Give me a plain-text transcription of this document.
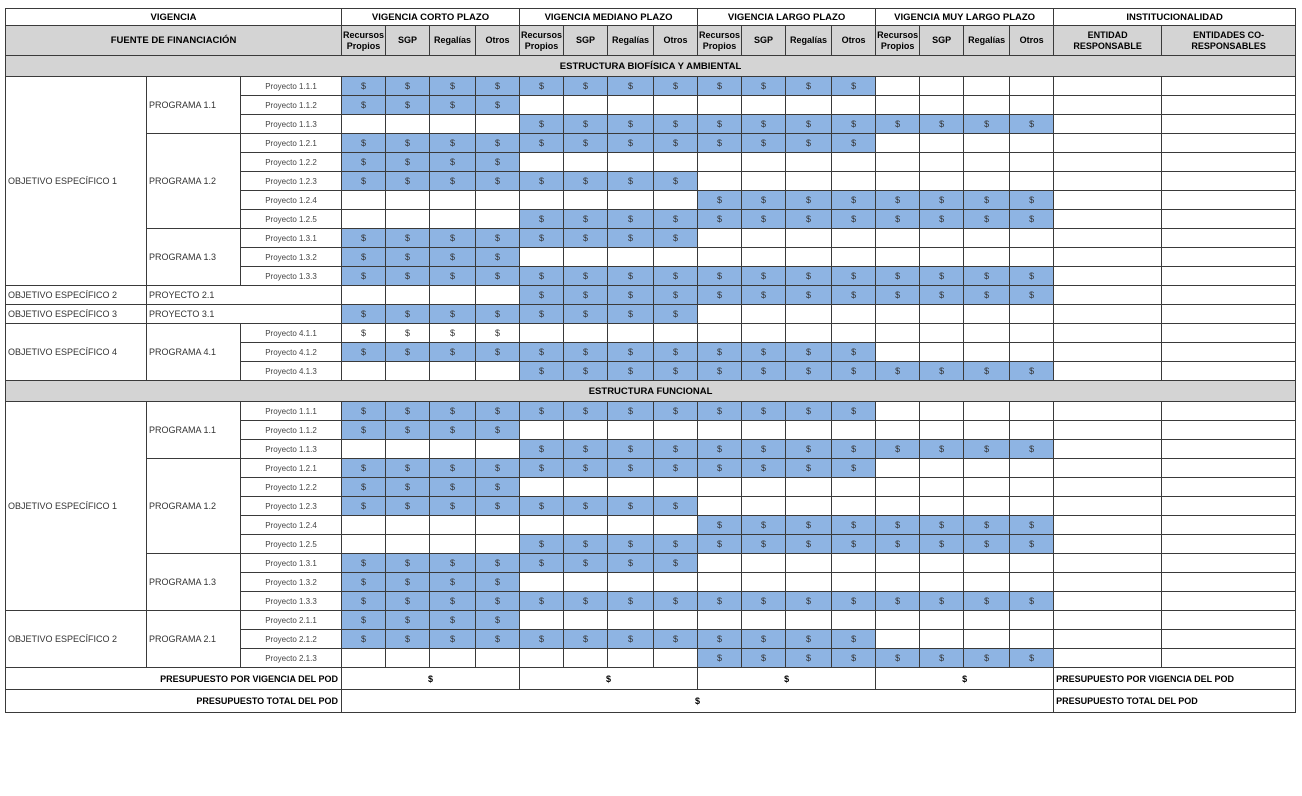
VIGENCIA			VIGENCIA CORTO PLAZO				VIGENCIA MEDIANO PLAZO				VIGENCIA LARGO PLAZO				VIGENCIA MUY LARGO PLAZO				INSTITUCIONALIDAD	
FUENTE DE FINANCIACIÓN			Recursos Propios	SGP	Regalías	Otros	Recursos Propios	SGP	Regalías	Otros	Recursos Propios	SGP	Regalías	Otros	Recursos Propios	SGP	Regalías	Otros	ENTIDAD RESPONSABLE	ENTIDADES CO-RESPONSABLES
ESTRUCTURA BIOFÍSICA Y AMBIENTAL																				
OBJETIVO ESPECÍFICO 1	PROGRAMA 1.1	Proyecto 1.1.1	$	$	$	$	$	$	$	$	$	$	$	$						
		Proyecto 1.1.2	$	$	$	$														
		Proyecto 1.1.3					$	$	$	$	$	$	$	$	$	$	$	$		
	PROGRAMA 1.2	Proyecto 1.2.1	$	$	$	$	$	$	$	$	$	$	$	$						
		Proyecto 1.2.2	$	$	$	$														
		Proyecto 1.2.3	$	$	$	$	$	$	$	$										
		Proyecto 1.2.4									$	$	$	$	$	$	$	$		
		Proyecto 1.2.5					$	$	$	$	$	$	$	$	$	$	$	$		
	PROGRAMA 1.3	Proyecto 1.3.1	$	$	$	$	$	$	$	$										
		Proyecto 1.3.2	$	$	$	$														
		Proyecto 1.3.3	$	$	$	$	$	$	$	$	$	$	$	$	$	$	$	$		
OBJETIVO ESPECÍFICO 2	PROYECTO 2.1						$	$	$	$	$	$	$	$	$	$	$	$		
OBJETIVO ESPECÍFICO 3	PROYECTO 3.1		$	$	$	$	$	$	$	$										
OBJETIVO ESPECÍFICO 4	PROGRAMA 4.1	Proyecto 4.1.1	$	$	$	$														
		Proyecto 4.1.2	$	$	$	$	$	$	$	$	$	$	$	$						
		Proyecto 4.1.3					$	$	$	$	$	$	$	$	$	$	$	$		
ESTRUCTURA FUNCIONAL																				
OBJETIVO ESPECÍFICO 1	PROGRAMA 1.1	Proyecto 1.1.1	$	$	$	$	$	$	$	$	$	$	$	$						
		Proyecto 1.1.2	$	$	$	$														
		Proyecto 1.1.3					$	$	$	$	$	$	$	$	$	$	$	$		
	PROGRAMA 1.2	Proyecto 1.2.1	$	$	$	$	$	$	$	$	$	$	$	$						
		Proyecto 1.2.2	$	$	$	$														
		Proyecto 1.2.3	$	$	$	$	$	$	$	$										
		Proyecto 1.2.4									$	$	$	$	$	$	$	$		
		Proyecto 1.2.5					$	$	$	$	$	$	$	$	$	$	$	$		
	PROGRAMA 1.3	Proyecto 1.3.1	$	$	$	$	$	$	$	$										
		Proyecto 1.3.2	$	$	$	$														
		Proyecto 1.3.3	$	$	$	$	$	$	$	$	$	$	$	$	$	$	$	$		
OBJETIVO ESPECÍFICO 2	PROGRAMA 2.1	Proyecto 2.1.1	$	$	$	$														
		Proyecto 2.1.2	$	$	$	$	$	$	$	$	$	$	$	$						
		Proyecto 2.1.3									$	$	$	$	$	$	$	$		
PRESUPUESTO POR VIGENCIA DEL POD			$				$				$				$				PRESUPUESTO POR VIGENCIA DEL POD	
PRESUPUESTO TOTAL DEL POD			$																PRESUPUESTO TOTAL DEL POD	
